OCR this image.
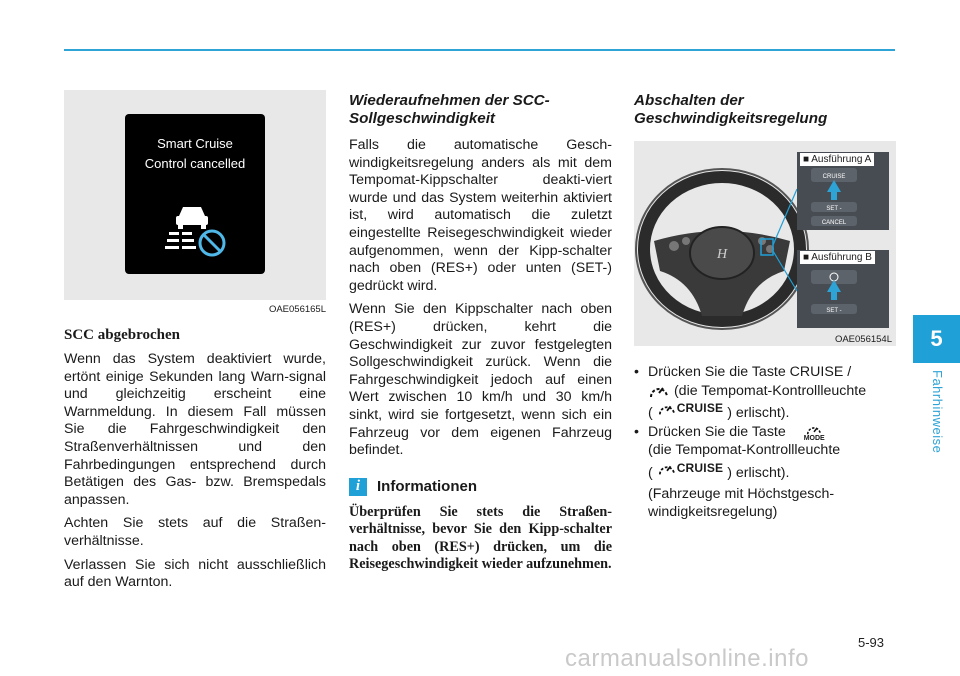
5
Fahrhinweise
Smart Cruise
Control cancelled
OAE056165L
SCC abgebrochen

Wenn das System deaktiviert wurde, ertönt einige Sekunden lang Warn-signal und gleichzeitig erscheint eine Warnmeldung. In diesem Fall müssen Sie die Fahrgeschwindigkeit den Straßenverhältnissen und den Fahrbedingungen entsprechend durch Betätigen des Gas- bzw. Bremspedals anpassen.

Achten Sie stets auf die Straßen-verhältnisse.

Verlassen Sie sich nicht ausschließlich auf den Warnton.

Wiederaufnehmen der SCC-Sollgeschwindigkeit

Falls die automatische Gesch-windigkeitsregelung anders als mit dem Tempomat-Kippschalter deakti-viert wurde und das System weiterhin aktiviert ist, wird automatisch die zuletzt eingestellte Reisegeschwindigkeit wieder aufgenommen, wenn der Kipp-schalter nach oben (RES+) oder unten (SET-) gedrückt wird.

Wenn Sie den Kippschalter nach oben (RES+) drücken, kehrt die Geschwindigkeit zur zuvor festgelegten Sollgeschwindigkeit zurück. Wenn die Fahrgeschwindigkeit jedoch auf einen Wert zwischen 10 km/h und 30 km/h sinkt, wird sie fortgesetzt, wenn sich ein Fahrzeug vor dem eigenen Fahrzeug befindet.

i	Informationen
Überprüfen Sie stets die Straßen-verhältnisse, bevor Sie den Kipp-schalter nach oben (RES+) drücken, um die Reisegeschwindigkeit wieder aufzunehmen.
Abschalten der Geschwindigkeitsregelung
H
CRUISE
SET -
CANCEL
SET -
■ Ausführung A
■ Ausführung B
OAE056154L
• Drücken Sie die Taste CRUISE /
(die Tempomat-Kontrollleuchte
( CRUISE ) erlischt).
• Drücken Sie die Taste	MODE

(die Tempomat-Kontrollleuchte
( CRUISE ) erlischt).
(Fahrzeuge mit Höchstgesch-windigkeitsregelung)
5-93
carmanualsonline.info
